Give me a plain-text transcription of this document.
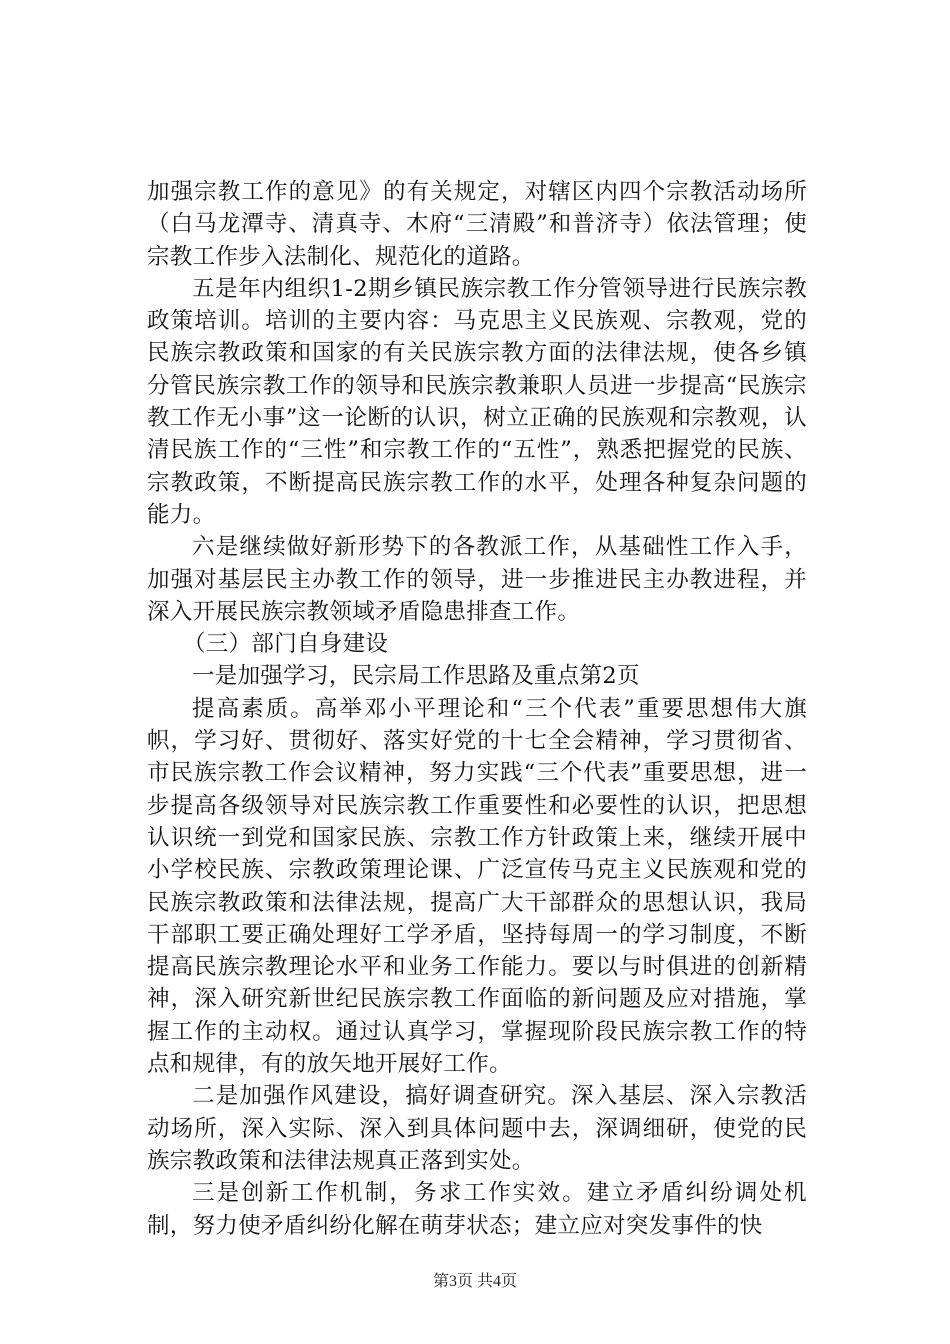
加强宗教工作的意见》的有关规定，对辖区内四个宗教活动场所（白马龙潭寺、清真寺、木府“三清殿”和普济寺）依法管理；使宗教工作步入法制化、规范化的道路。

五是年内组织1-2期乡镇民族宗教工作分管领导进行民族宗教政策培训。培训的主要内容：马克思主义民族观、宗教观，党的民族宗教政策和国家的有关民族宗教方面的法律法规，使各乡镇分管民族宗教工作的领导和民族宗教兼职人员进一步提高“民族宗教工作无小事”这一论断的认识，树立正确的民族观和宗教观，认清民族工作的“三性”和宗教工作的“五性”，熟悉把握党的民族、宗教政策，不断提高民族宗教工作的水平，处理各种复杂问题的能力。

六是继续做好新形势下的各教派工作，从基础性工作入手，加强对基层民主办教工作的领导，进一步推进民主办教进程，并深入开展民族宗教领域矛盾隐患排查工作。

（三）部门自身建设

一是加强学习，民宗局工作思路及重点第2页

提高素质。高举邓小平理论和“三个代表”重要思想伟大旗帜，学习好、贯彻好、落实好党的十七全会精神，学习贯彻省、市民族宗教工作会议精神，努力实践“三个代表”重要思想，进一步提高各级领导对民族宗教工作重要性和必要性的认识，把思想认识统一到党和国家民族、宗教工作方针政策上来，继续开展中小学校民族、宗教政策理论课、广泛宣传马克主义民族观和党的民族宗教政策和法律法规，提高广大干部群众的思想认识，我局干部职工要正确处理好工学矛盾，坚持每周一的学习制度，不断提高民族宗教理论水平和业务工作能力。要以与时俱进的创新精神，深入研究新世纪民族宗教工作面临的新问题及应对措施，掌握工作的主动权。通过认真学习，掌握现阶段民族宗教工作的特点和规律，有的放矢地开展好工作。

二是加强作风建设，搞好调查研究。深入基层、深入宗教活动场所，深入实际、深入到具体问题中去，深调细研，使党的民族宗教政策和法律法规真正落到实处。

三是创新工作机制，务求工作实效。建立矛盾纠纷调处机制，努力使矛盾纠纷化解在萌芽状态；建立应对突发事件的快

第3页 共4页
